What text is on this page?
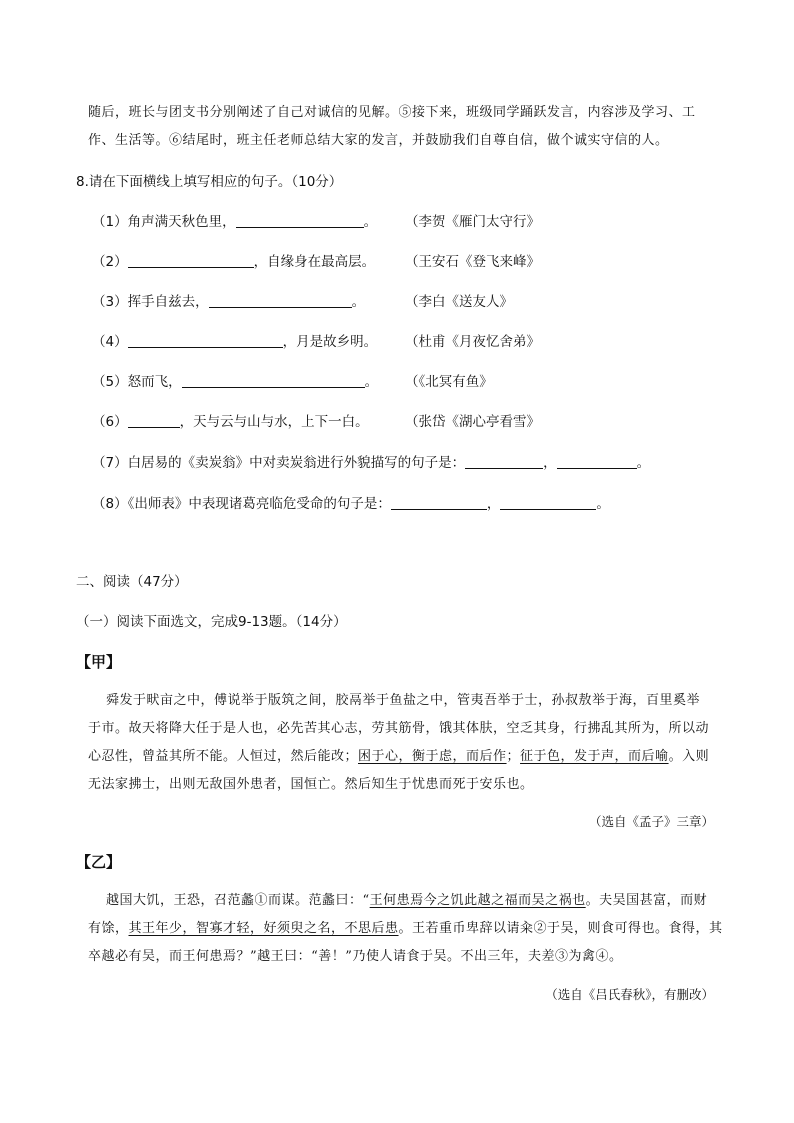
随后，班长与团支书分别阐述了自己对诚信的见解。⑤接下来，班级同学踊跃发言，内容涉及学习、工
作、生活等。⑥结尾时，班主任老师总结大家的发言，并鼓励我们自尊自信，做个诚实守信的人。
8.请在下面横线上填写相应的句子。（10分）
（1）角声满天秋色里，	。 （李贺《雁门太守行》
（2）	，自缘身在最高层。 （王安石《登飞来峰》
（3）挥手自兹去，	。	（李白《送友人》
（4）	，月是故乡明。 （杜甫《月夜忆舍弟》
（5）怒而飞，	。 （《北冥有鱼》
（6）	，天与云与山与水，上下一白。	（张岱《湖心亭看雪》
（7）白居易的《卖炭翁》中对卖炭翁进行外貌描写的句子是：	，	。
（8）《出师表》中表现诸葛亮临危受命的句子是：	，	。
二、阅读（47分）
（一）阅读下面选文，完成9-13题。（14分）
【甲】
舜发于畎亩之中，傅说举于版筑之间，胶鬲举于鱼盐之中，管夷吾举于士，孙叔敖举于海，百里奚举
于市。故天将降大任于是人也，必先苦其心志，劳其筋骨，饿其体肤，空乏其身，行拂乱其所为，所以动
心忍性，曾益其所不能。人恒过，然后能改；困于心，衡于虑，而后作；征于色，发于声，而后喻。入则
无法家拂士，出则无敌国外患者，国恒亡。然后知生于忧患而死于安乐也。
（选自《孟子》三章）
【乙】
越国大饥，王恐，召范蠡①而谋。范蠡曰：“王何患焉今之饥此越之福而吴之祸也。夫吴国甚富，而财
有馀，其王年少，智寡才轻，好须臾之名，不思后患。王若重币卑辞以请籴②于吴，则食可得也。食得，其
卒越必有吴，而王何患焉？”越王曰：“善！”乃使人请食于吴。不出三年，夫差③为禽④。
（选自《吕氏春秋》，有删改）
